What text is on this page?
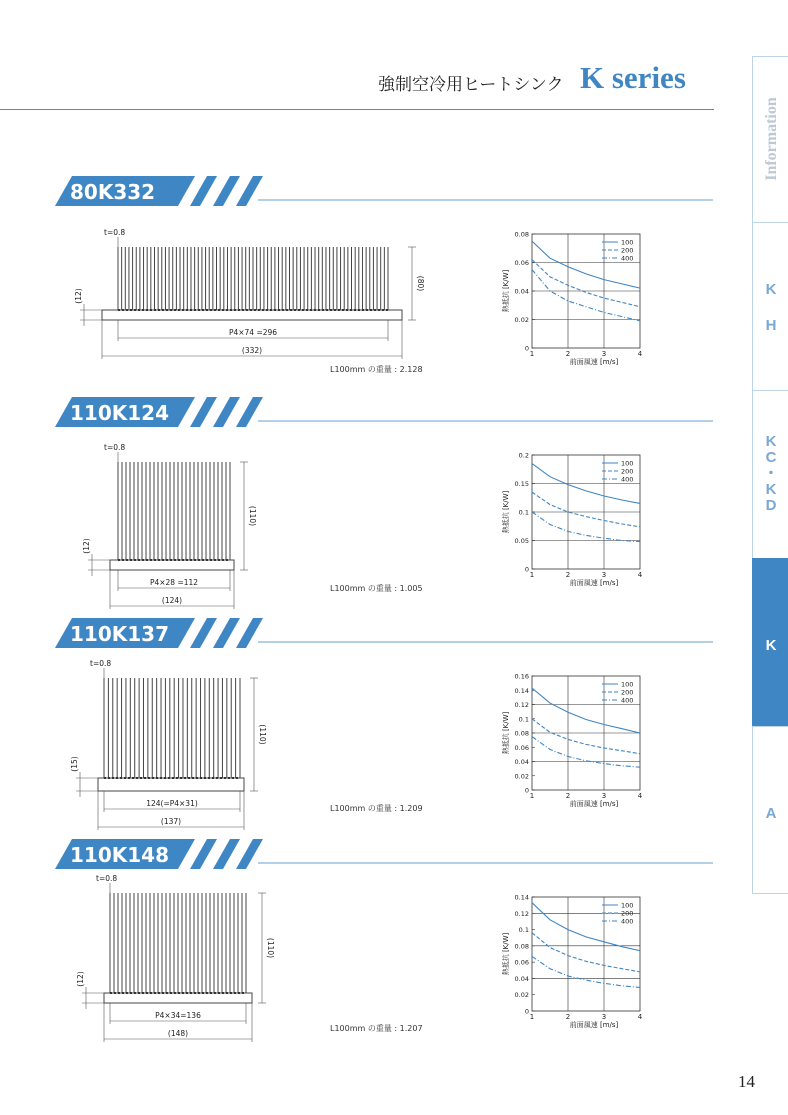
強制空冷用ヒートシンク K series
Information
K
H
K
C
・
K
D
K
A
80K332
t=0.8
(80)
(12)
P4×74 =296
(332)
L100mm の重量 : 2.128
1	2	3	4
0
0.02
0.04
0.06
0.08
前面風速 [m/s]
熱抵抗 [K/W]
100
200
400
110K124
t=0.8
(110)
(12)
P4×28 =112
(124)
L100mm の重量 : 1.005
1	2	3	4
0
0.05
0.1
0.15
0.2
前面風速 [m/s]
熱抵抗 [K/W]
100
200
400
110K137
t=0.8
(110)
(15)
124(=P4×31)
(137)
L100mm の重量 : 1.209
1	2	3	4
0
0.02
0.04
0.06
0.08
0.1
0.12
0.14
0.16
前面風速 [m/s]
熱抵抗 [K/W]
100
200
400
110K148
t=0.8
(110)
(12)
P4×34=136
(148)
L100mm の重量 : 1.207
1	2	3	4
0
0.02
0.04
0.06
0.08
0.1
0.12
0.14
前面風速 [m/s]
熱抵抗 [K/W]
100
200
400
14
